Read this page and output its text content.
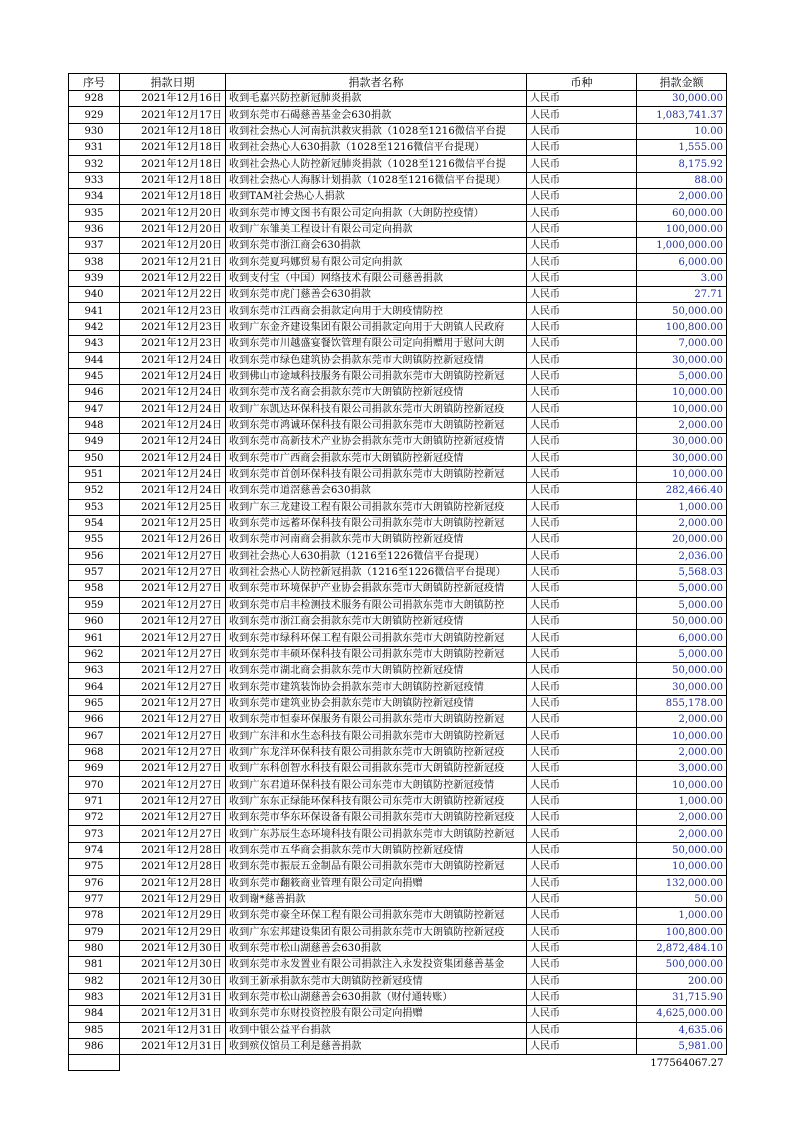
序号	捐款日期	捐款者名称	币种	捐款金额
928	2021年12月16日	收到毛嘉兴防控新冠肺炎捐款	人民币	30,000.00
929	2021年12月17日	收到东莞市石碣慈善基金会630捐款	人民币	1,083,741.37
930	2021年12月18日	收到社会热心人河南抗洪救灾捐款（1028至1216微信平台提	人民币	10.00
931	2021年12月18日	收到社会热心人630捐款（1028至1216微信平台提现）	人民币	1,555.00
932	2021年12月18日	收到社会热心人防控新冠肺炎捐款（1028至1216微信平台提	人民币	8,175.92
933	2021年12月18日	收到社会热心人海豚计划捐款（1028至1216微信平台提现）	人民币	88.00
934	2021年12月18日	收到TAM社会热心人捐款	人民币	2,000.00
935	2021年12月20日	收到东莞市博文图书有限公司定向捐款（大朗防控疫情）	人民币	60,000.00
936	2021年12月20日	收到广东雏美工程设计有限公司定向捐款	人民币	100,000.00
937	2021年12月20日	收到东莞市浙江商会630捐款	人民币	1,000,000.00
938	2021年12月21日	收到东莞夏玛娜贸易有限公司定向捐款	人民币	6,000.00
939	2021年12月22日	收到支付宝（中国）网络技术有限公司慈善捐款	人民币	3.00
940	2021年12月22日	收到东莞市虎门慈善会630捐款	人民币	27.71
941	2021年12月23日	收到东莞市江西商会捐款定向用于大朗疫情防控	人民币	50,000.00
942	2021年12月23日	收到广东金齐建设集团有限公司捐款定向用于大朗镇人民政府	人民币	100,800.00
943	2021年12月23日	收到东莞市川越盛宴餐饮管理有限公司定向捐赠用于慰问大朗	人民币	7,000.00
944	2021年12月24日	收到东莞市绿色建筑协会捐款东莞市大朗镇防控新冠疫情	人民币	30,000.00
945	2021年12月24日	收到佛山市途域科技服务有限公司捐款东莞市大朗镇防控新冠	人民币	5,000.00
946	2021年12月24日	收到东莞市茂名商会捐款东莞市大朗镇防控新冠疫情	人民币	10,000.00
947	2021年12月24日	收到广东凯达环保科技有限公司捐款东莞市大朗镇防控新冠疫	人民币	10,000.00
948	2021年12月24日	收到东莞市鸿诚环保科技有限公司捐款东莞市大朗镇防控新冠	人民币	2,000.00
949	2021年12月24日	收到东莞市高新技术产业协会捐款东莞市大朗镇防控新冠疫情	人民币	30,000.00
950	2021年12月24日	收到东莞市广西商会捐款东莞市大朗镇防控新冠疫情	人民币	30,000.00
951	2021年12月24日	收到东莞市首创环保科技有限公司捐款东莞市大朗镇防控新冠	人民币	10,000.00
952	2021年12月24日	收到东莞市道滘慈善会630捐款	人民币	282,466.40
953	2021年12月25日	收到广东三龙建设工程有限公司捐款东莞市大朗镇防控新冠疫	人民币	1,000.00
954	2021年12月25日	收到东莞市远蓄环保科技有限公司捐款东莞市大朗镇防控新冠	人民币	2,000.00
955	2021年12月26日	收到东莞市河南商会捐款东莞市大朗镇防控新冠疫情	人民币	20,000.00
956	2021年12月27日	收到社会热心人630捐款（1216至1226微信平台提现）	人民币	2,036.00
957	2021年12月27日	收到社会热心人防控新冠捐款（1216至1226微信平台提现）	人民币	5,568.03
958	2021年12月27日	收到东莞市环境保护产业协会捐款东莞市大朗镇防控新冠疫情	人民币	5,000.00
959	2021年12月27日	收到东莞市启丰检测技术服务有限公司捐款东莞市大朗镇防控	人民币	5,000.00
960	2021年12月27日	收到东莞市浙江商会捐款东莞市大朗镇防控新冠疫情	人民币	50,000.00
961	2021年12月27日	收到东莞市绿科环保工程有限公司捐款东莞市大朗镇防控新冠	人民币	6,000.00
962	2021年12月27日	收到东莞市丰硕环保科技有限公司捐款东莞市大朗镇防控新冠	人民币	5,000.00
963	2021年12月27日	收到东莞市湖北商会捐款东莞市大朗镇防控新冠疫情	人民币	50,000.00
964	2021年12月27日	收到东莞市建筑装饰协会捐款东莞市大朗镇防控新冠疫情	人民币	30,000.00
965	2021年12月27日	收到东莞市建筑业协会捐款东莞市大朗镇防控新冠疫情	人民币	855,178.00
966	2021年12月27日	收到东莞市恒泰环保服务有限公司捐款东莞市大朗镇防控新冠	人民币	2,000.00
967	2021年12月27日	收到广东沣和水生态科技有限公司捐款东莞市大朗镇防控新冠	人民币	10,000.00
968	2021年12月27日	收到广东龙洋环保科技有限公司捐款东莞市大朗镇防控新冠疫	人民币	2,000.00
969	2021年12月27日	收到广东科创智水科技有限公司捐款东莞市大朗镇防控新冠疫	人民币	3,000.00
970	2021年12月27日	收到广东君道环保科技有限公司东莞市大朗镇防控新冠疫情	人民币	10,000.00
971	2021年12月27日	收到广东东正绿能环保科技有限公司东莞市大朗镇防控新冠疫	人民币	1,000.00
972	2021年12月27日	收到东莞市华东环保设备有限公司捐款东莞市大朗镇防控新冠疫	人民币	2,000.00
973	2021年12月27日	收到广东苏辰生态环境科技有限公司捐款东莞市大朗镇防控新冠	人民币	2,000.00
974	2021年12月28日	收到东莞市五华商会捐款东莞市大朗镇防控新冠疫情	人民币	50,000.00
975	2021年12月28日	收到东莞市振辰五金制品有限公司捐款东莞市大朗镇防控新冠	人民币	10,000.00
976	2021年12月28日	收到东莞市翻筱商业管理有限公司定向捐赠	人民币	132,000.00
977	2021年12月29日	收到谢*慈善捐款	人民币	50.00
978	2021年12月29日	收到东莞市豪全环保工程有限公司捐款东莞市大朗镇防控新冠	人民币	1,000.00
979	2021年12月29日	收到广东宏邦建设集团有限公司捐款东莞市大朗镇防控新冠疫	人民币	100,800.00
980	2021年12月30日	收到东莞市松山湖慈善会630捐款	人民币	2,872,484.10
981	2021年12月30日	收到东莞市永发置业有限公司捐款注入永发投资集团慈善基金	人民币	500,000.00
982	2021年12月30日	收到王新承捐款东莞市大朗镇防控新冠疫情	人民币	200.00
983	2021年12月31日	收到东莞市松山湖慈善会630捐款（财付通转账）	人民币	31,715.90
984	2021年12月31日	收到东莞市东财投资控股有限公司定向捐赠	人民币	4,625,000.00
985	2021年12月31日	收到中银公益平台捐款	人民币	4,635.06
986	2021年12月31日	收到殡仪馆员工利是慈善捐款	人民币	5,981.00
				177564067.27
